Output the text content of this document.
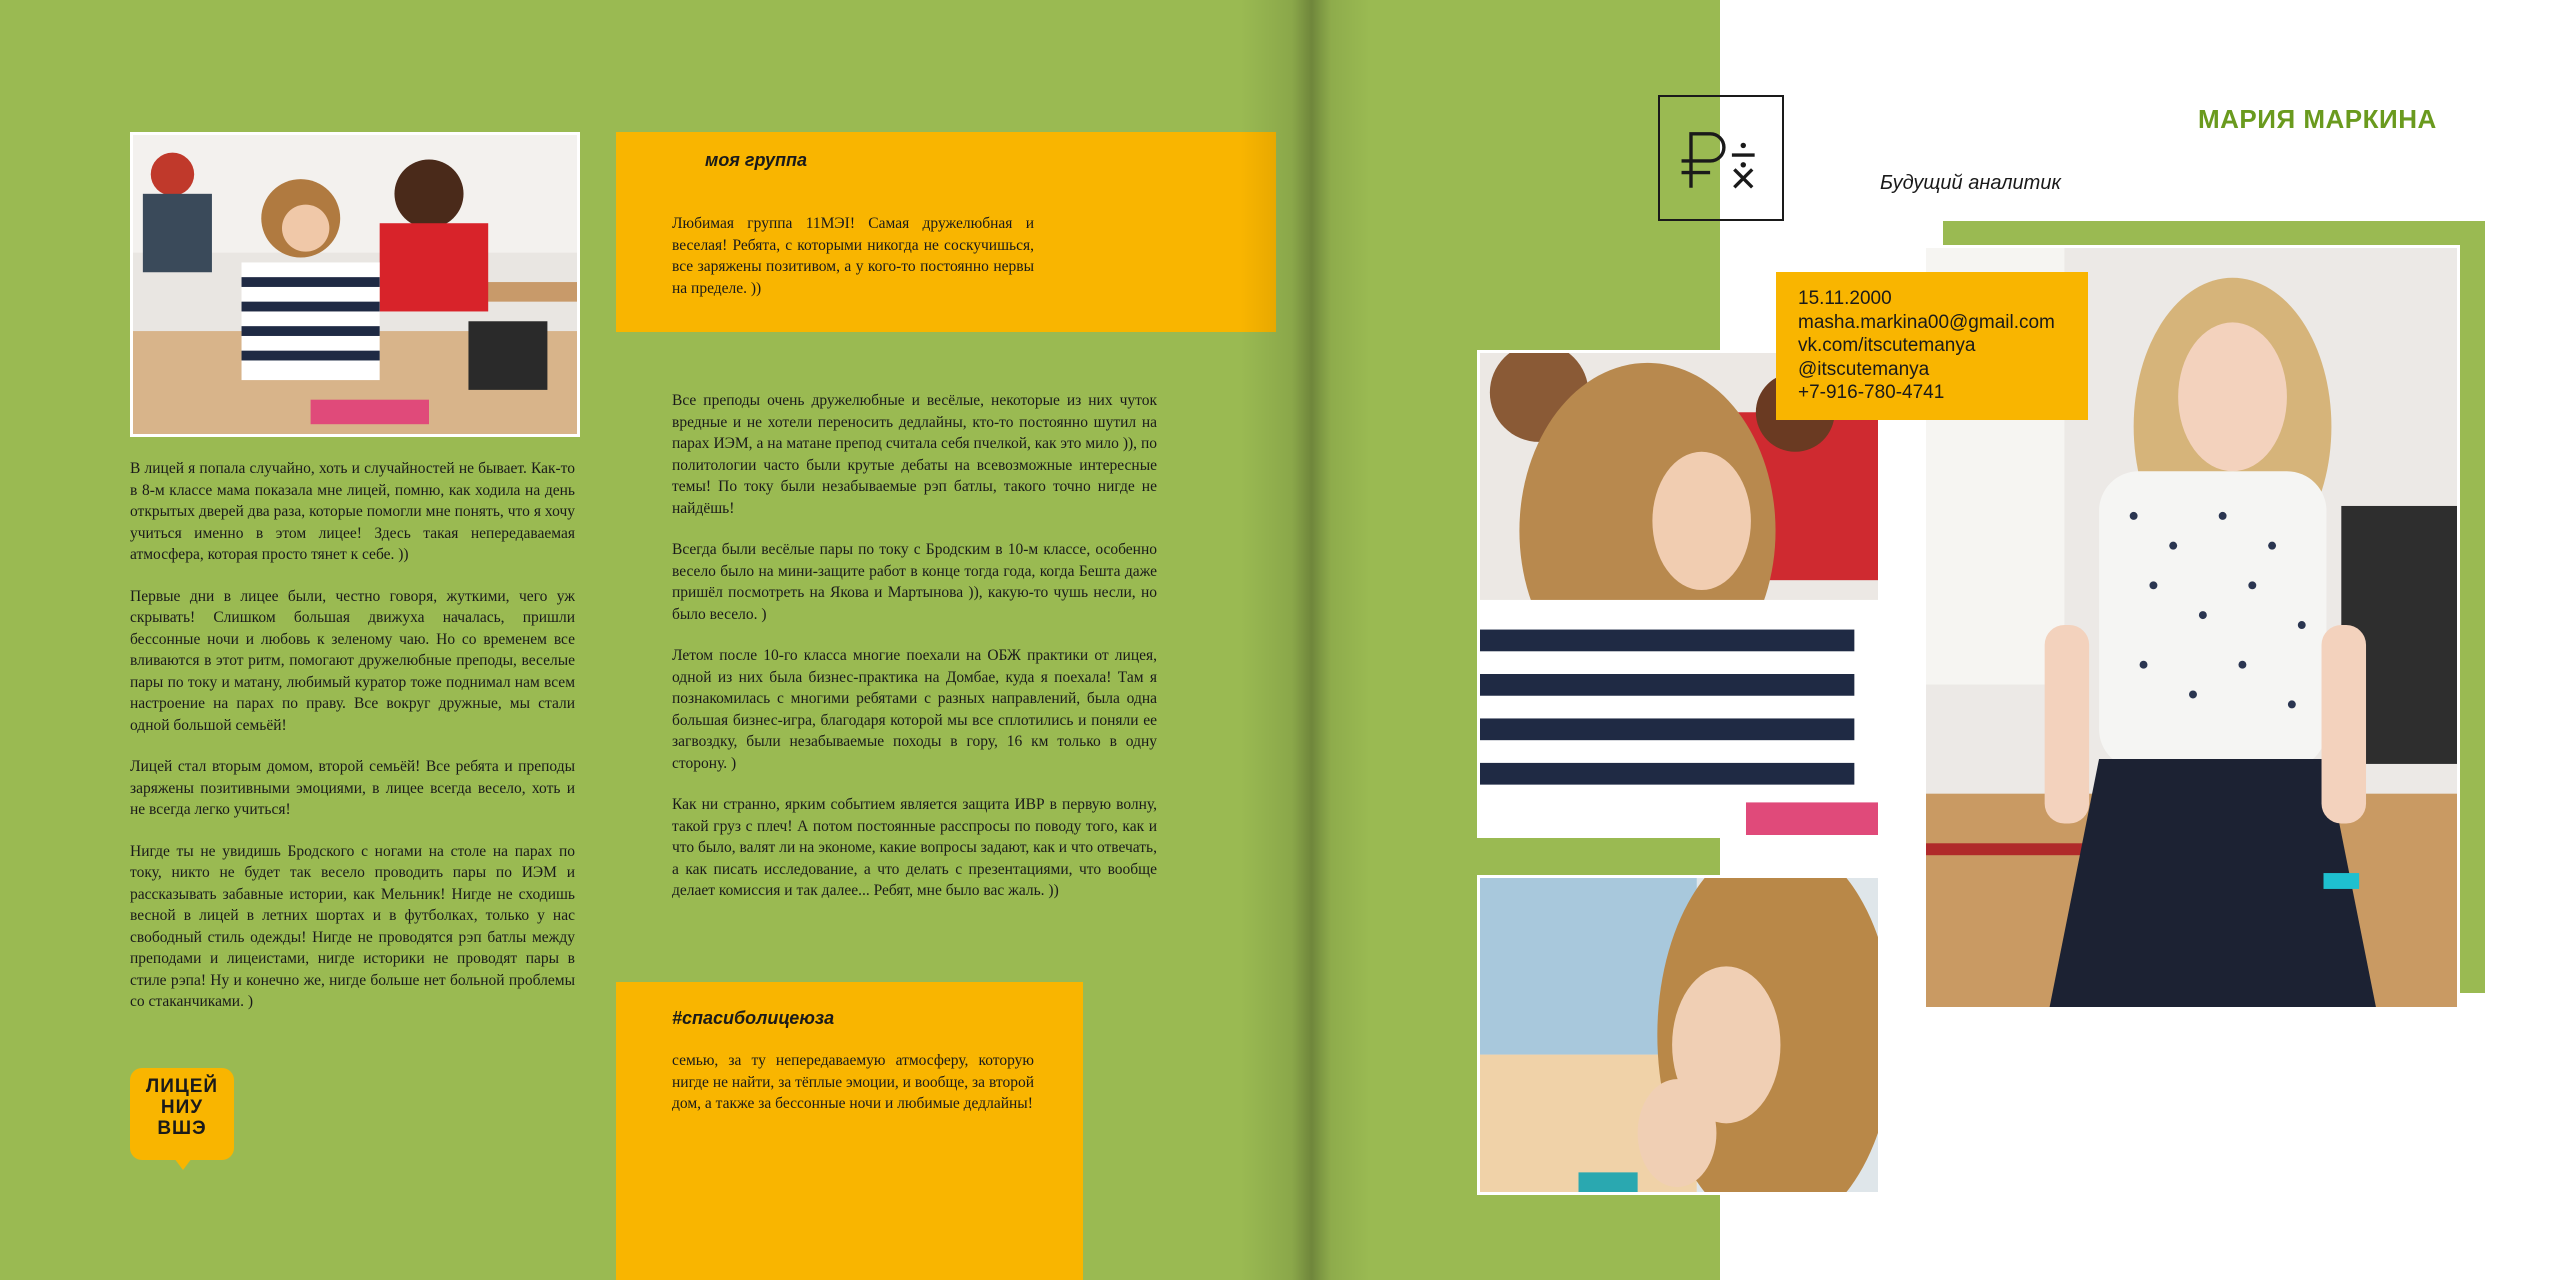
В лицей я попала случайно, хоть и случайностей не бывает. Как-то в 8-м классе мама показала мне лицей, помню, как ходила на день открытых дверей два раза, которые помогли мне понять, что я хочу учиться именно в этом лицее! Здесь такая непередаваемая атмосфера, которая просто тянет к себе. ))

Первые дни в лицее были, честно говоря, жуткими, чего уж скрывать! Слишком большая движуха началась, пришли бессонные ночи и любовь к зеленому чаю. Но со временем все вливаются в этот ритм, помогают дружелюбные преподы, веселые пары по току и матану, любимый куратор тоже поднимал нам всем настроение на парах по праву. Все вокруг дружные, мы стали одной большой семьёй!

Лицей стал вторым домом, второй семьёй! Все ребята и преподы заряжены позитивными эмоциями, в лицее всегда весело, хоть и не всегда легко учиться!

Нигде ты не увидишь Бродского с ногами на столе на парах по току, никто не будет так весело проводить пары по ИЭМ и рассказывать забавные истории, как Мельник! Нигде не сходишь весной в лицей в летних шортах и в футболках, только у нас свободный стиль одежды! Нигде не проводятся рэп батлы между преподами и лицеистами, нигде историки не проводят пары в стиле рэпа! Ну и конечно же, нигде больше нет больной проблемы со стаканчиками. )

ЛИЦЕЙ
НИУ
ВШЭ
моя группа
Любимая группа 11МЭI! Самая дружелюбная и веселая! Ребята, с которыми никогда не соскучишься, все заряжены позитивом, а у кого-то постоянно нервы на пределе. ))

Все преподы очень дружелюбные и весёлые, некоторые из них чуток вредные и не хотели переносить дедлайны, кто-то постоянно шутил на парах ИЭМ, а на матане препод считала себя пчелкой, как это мило )), по политологии часто были крутые дебаты на всевозможные интересные темы! По току были незабываемые рэп батлы, такого точно нигде не найдёшь!

Всегда были весёлые пары по току с Бродским в 10-м классе, особенно весело было на мини-защите работ в конце тогда года, когда Бешта даже пришёл посмотреть на Якова и Мартынова )), какую-то чушь несли, но было весело. )

Летом после 10-го класса многие поехали на ОБЖ практики от лицея, одной из них была бизнес-практика на Домбае, куда я поехала! Там я познакомилась с многими ребятами с разных направлений, была одна большая бизнес-игра, благодаря которой мы все сплотились и поняли ее загвоздку, были незабываемые походы в гору, 16 км только в одну сторону. )

Как ни странно, ярким событием является защита ИВР в первую волну, такой груз с плеч! А потом постоянные расспросы по поводу того, как и что было, валят ли на экономе, какие вопросы задают, как и что отвечать, а как писать исследование, а что делать с презентациями, что вообще делает комиссия и так далее... Ребят, мне было вас жаль. ))

#спасиболицеюза
семью, за ту непередаваемую атмосферу, которую нигде не найти, за тёплые эмоции, и вообще, за второй дом, а также за бессонные ночи и любимые дедлайны!
МАРИЯ МАРКИНА
Будущий аналитик
15.11.2000
masha.markina00@gmail.com
vk.com/itscutemanya
@itscutemanya
+7-916-780-4741
